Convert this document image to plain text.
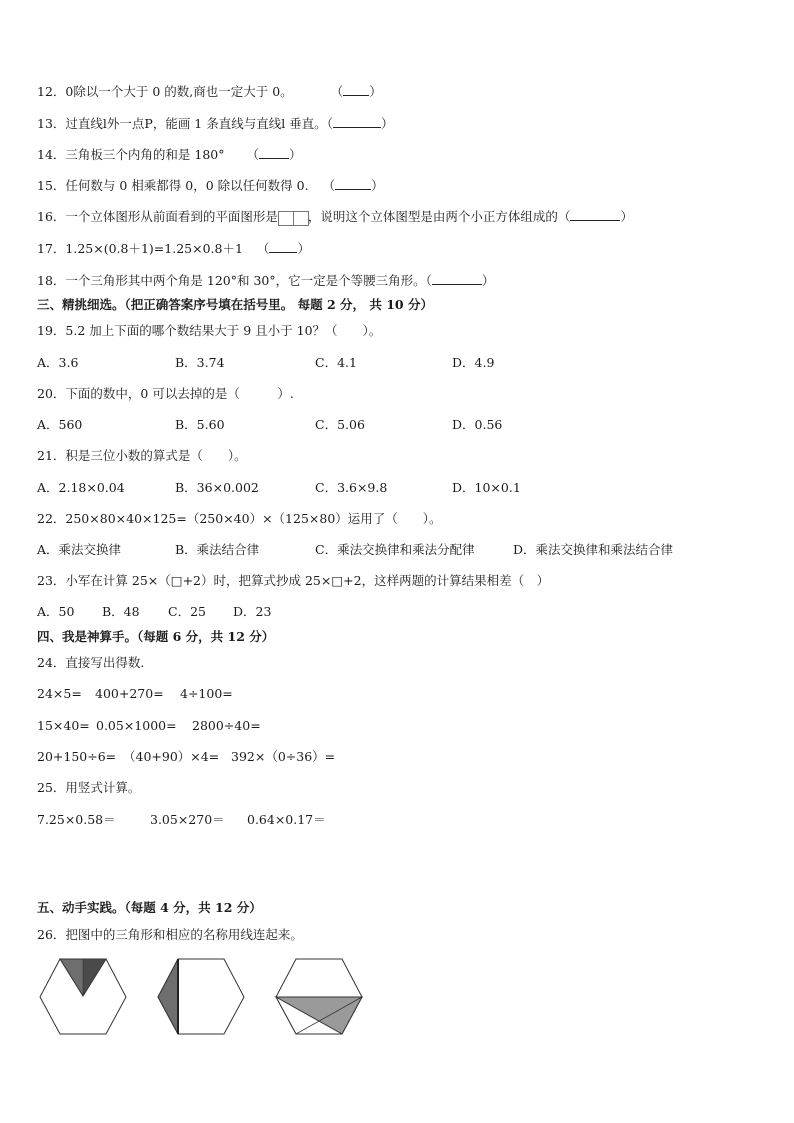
12．0除以一个大于 0 的数,商也一定大于 0。	（ ）
13．过直线l外一点P，能画 1 条直线与直线l 垂直。（	）
14．三角板三个内角的和是 180° （ ）
15．任何数与 0 相乘都得 0，0 除以任何数得 0. （	）
16．一个立体图形从前面看到的平面图形是 ，说明这个立体图型是由两个小正方体组成的（	）
17．1.25×(0.8＋1)=1.25×0.8＋1 （ ）
18．一个三角形其中两个角是 120°和 30°，它一定是个等腰三角形。（	）
三、精挑细选。（把正确答案序号填在括号里。 每题 2 分， 共 10 分）
19．5.2 加上下面的哪个数结果大于 9 且小于 10？（　　）。
A．3.6	B．3.74	C．4.1	D．4.9
20．下面的数中，0 可以去掉的是（　　　）.
A．560	B．5.60	C．5.06	D．0.56
21．积是三位小数的算式是（　　）。
A．2.18×0.04	B．36×0.002	C．3.6×9.8	D．10×0.1
22．250×80×40×125=（250×40）×（125×80）运用了（　　）。
A．乘法交换律	B．乘法结合律	C．乘法交换律和乘法分配律	D．乘法交换律和乘法结合律
23．小军在计算 25×（□+2）时，把算式抄成 25×□+2，这样两题的计算结果相差（　）
A．50 B．48 C．25 D．23
四、我是神算手。（每题 6 分，共 12 分）
24．直接写出得数.
24×5= 400+270= 4÷100=
15×40= 0.05×1000= 2800÷40=
20+150÷6= （40+90）×4= 392×（0÷36）=
25．用竖式计算。
7.25×0.58＝	3.05×270＝ 0.64×0.17＝
五、动手实践。（每题 4 分，共 12 分）
26．把图中的三角形和相应的名称用线连起来。
